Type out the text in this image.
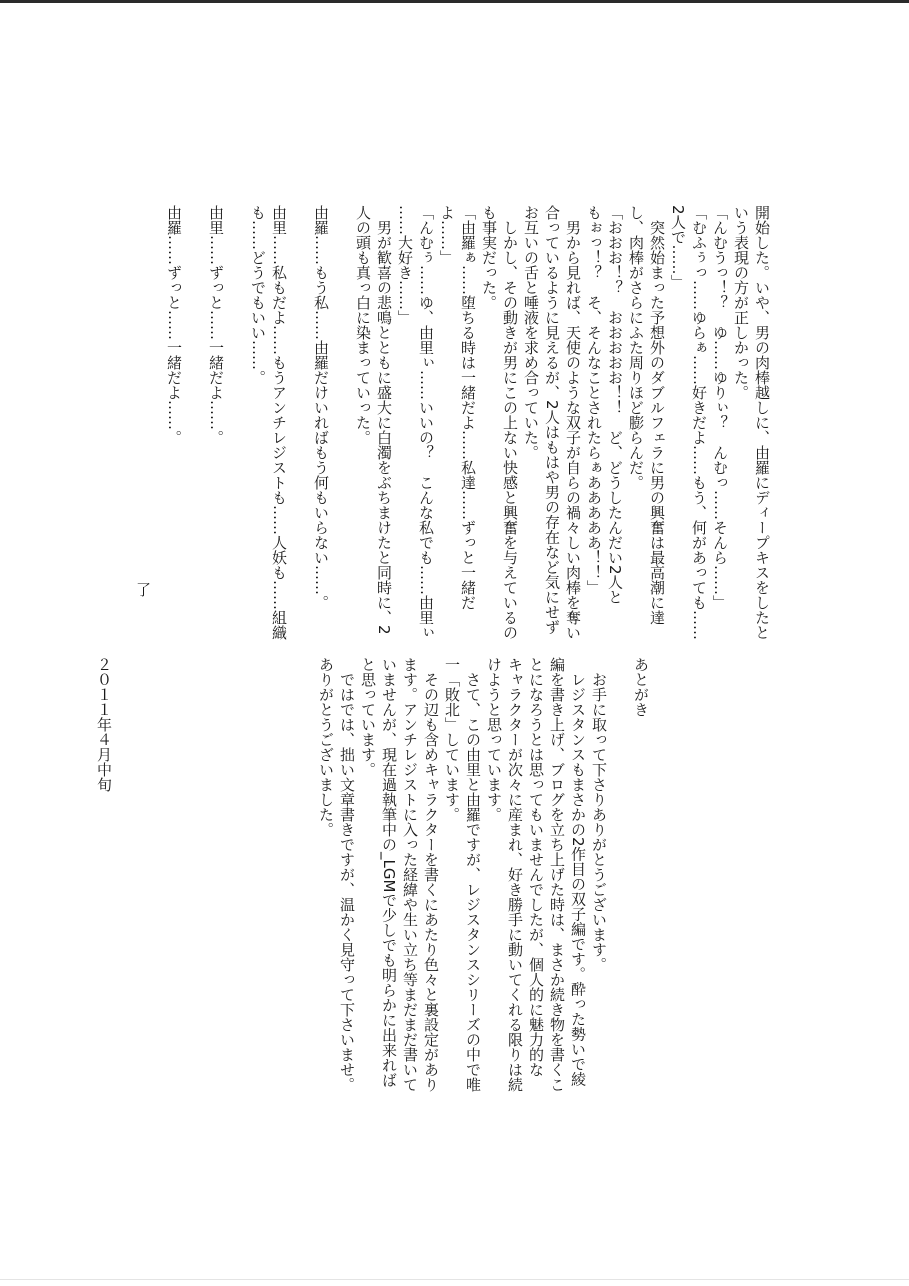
開始した。いや、男の肉棒越しに、由羅にディープキスをしたと

いう表現の方が正しかった。

「んむうっ！？　ゆ……ゆりぃ？　んむっ……そんら……」

「むふぅっ……ゆらぁ……好きだよ……もう、何があっても……

2人で……」

　突然始まった予想外のダブルフェラに男の興奮は最高潮に達

し、肉棒がさらにふた周りほど膨らんだ。

「おおお！？　おおおおお！！　ど、どうしたんだい2人と

もぉっ！？　そ、そんなことされたらぁあああああ！！」

　男から見れば、天使のような双子が自らの禍々しい肉棒を奪い

合っているように見えるが、2人はもはや男の存在など気にせず

お互いの舌と唾液を求め合っていた。

　しかし、その動きが男にこの上ない快感と興奮を与えているの

も事実だった。

「由羅ぁ……堕ちる時は一緒だよ……私達……ずっと一緒だ

よ……」

「んむぅ……ゆ、由里ぃ……いいの？　こんな私でも……由里ぃ

……大好き……」

　男が歓喜の悲鳴とともに盛大に白濁をぶちまけたと同時に、2

人の頭も真っ白に染まっていった。

由羅……もう私……由羅だけいればもう何もいらない……。

由里……私もだよ……もうアンチレジストも……人妖も……組織

も……どうでもいい……。

由里……ずっと……一緒だよ……。

由羅……ずっと……一緒だよ……。

了

あとがき

　お手に取って下さりありがとうございます。

　レジスタンスもまさかの2作目の双子編です。酔った勢いで綾

編を書き上げ、ブログを立ち上げた時は、まさか続き物を書くこ

とになろうとは思ってもいませんでしたが、個人的に魅力的な

キャラクターが次々に産まれ、好き勝手に動いてくれる限りは続

けようと思っています。

　さて、この由里と由羅ですが、レジスタンスシリーズの中で唯

一「敗北」しています。

　その辺も含めキャラクターを書くにあたり色々と裏設定があり

ます。アンチレジストに入った経緯や生い立ち等まだまだ書いて

いませんが、現在過執筆中の_LGMで少しでも明らかに出来れば

と思っています。

　ではでは、拙い文章書きですが、温かく見守って下さいませ。

ありがとうございました。

２０１１年４月中旬
